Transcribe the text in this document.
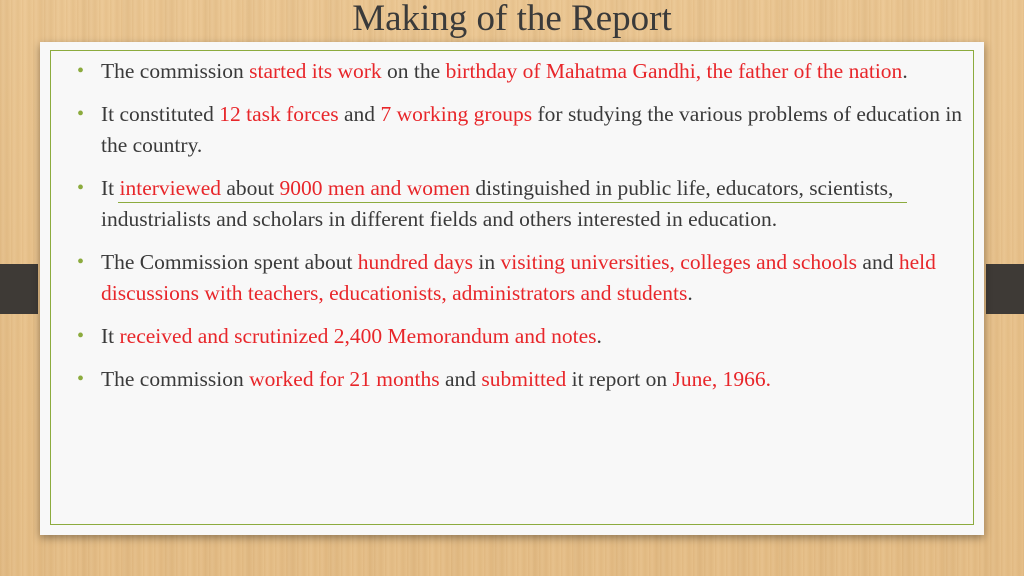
Making of the Report
• The commission started its work on the birthday of Mahatma Gandhi, the father of the nation.
• It constituted 12 task forces and 7 working groups for studying the various problems of education in the country.
• It interviewed about 9000 men and women distinguished in public life, educators, scientists, industrialists and scholars in different fields and others interested in education.
• The Commission spent about hundred days in visiting universities, colleges and schools and held discussions with teachers, educationists, administrators and students.
• It received and scrutinized 2,400 Memorandum and notes.
• The commission worked for 21 months and submitted it report on June, 1966.
